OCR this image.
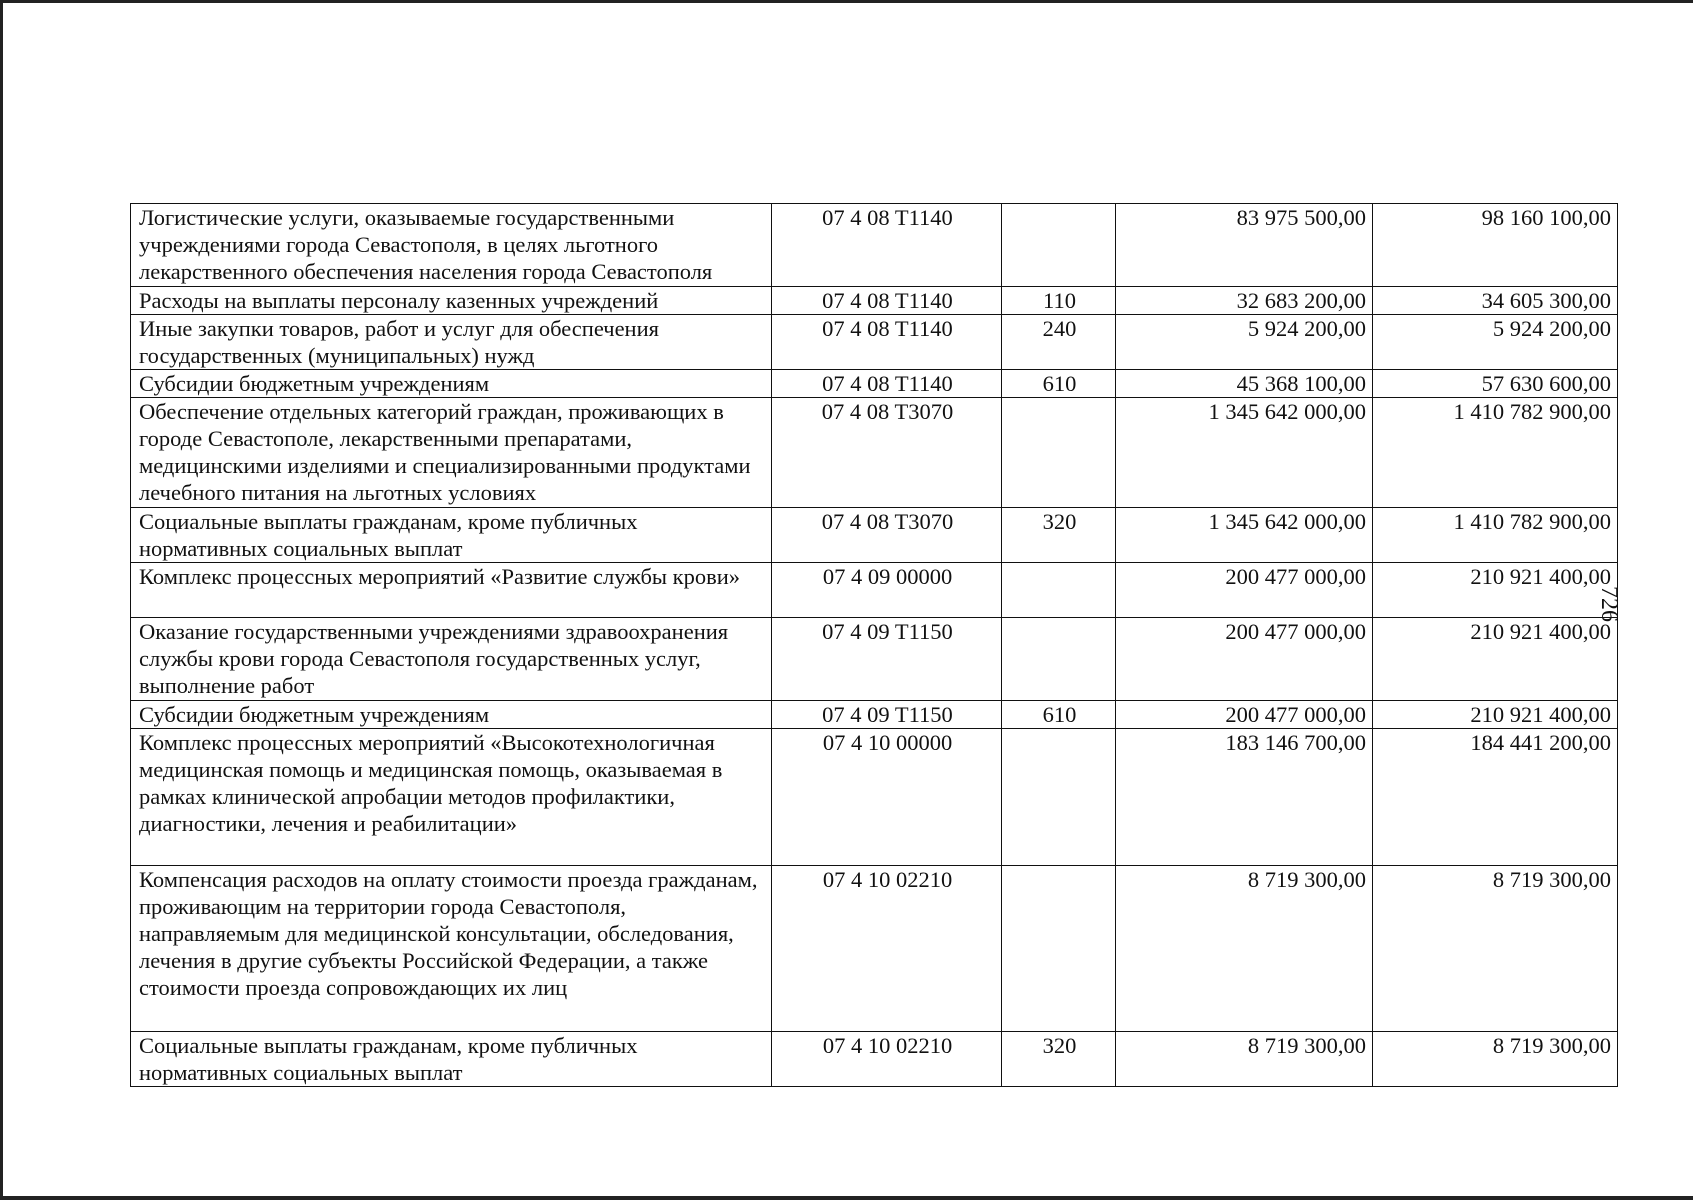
Логистические услуги, оказываемые государственными учреждениями города Севастополя, в целях льготного лекарственного обеспечения населения города Севастополя	07 4 08 T1140		83 975 500,00	98 160 100,00
Расходы на выплаты персоналу казенных учреждений	07 4 08 T1140	110	32 683 200,00	34 605 300,00
Иные закупки товаров, работ и услуг для обеспечения государственных (муниципальных) нужд	07 4 08 T1140	240	5 924 200,00	5 924 200,00
Субсидии бюджетным учреждениям	07 4 08 T1140	610	45 368 100,00	57 630 600,00
Обеспечение отдельных категорий граждан, проживающих в городе Севастополе, лекарственными препаратами, медицинскими изделиями и специализированными продуктами лечебного питания на льготных условиях	07 4 08 T3070		1 345 642 000,00	1 410 782 900,00
Социальные выплаты гражданам, кроме публичных нормативных социальных выплат	07 4 08 T3070	320	1 345 642 000,00	1 410 782 900,00
Комплекс процессных мероприятий «Развитие службы крови»	07 4 09 00000		200 477 000,00	210 921 400,00
Оказание государственными учреждениями здравоохранения службы крови города Севастополя государственных услуг, выполнение работ	07 4 09 T1150		200 477 000,00	210 921 400,00
Субсидии бюджетным учреждениям	07 4 09 T1150	610	200 477 000,00	210 921 400,00
Комплекс процессных мероприятий «Высокотехнологичная медицинская помощь и медицинская помощь, оказываемая в рамках клинической апробации методов профилактики, диагностики, лечения и реабилитации»	07 4 10 00000		183 146 700,00	184 441 200,00
Компенсация расходов на оплату стоимости проезда гражданам, проживающим на территории города Севастополя, направляемым для медицинской консультации, обследования, лечения в другие субъекты Российской Федерации, а также стоимости проезда сопровождающих их лиц	07 4 10 02210		8 719 300,00	8 719 300,00
Социальные выплаты гражданам, кроме публичных нормативных социальных выплат	07 4 10 02210	320	8 719 300,00	8 719 300,00
726
